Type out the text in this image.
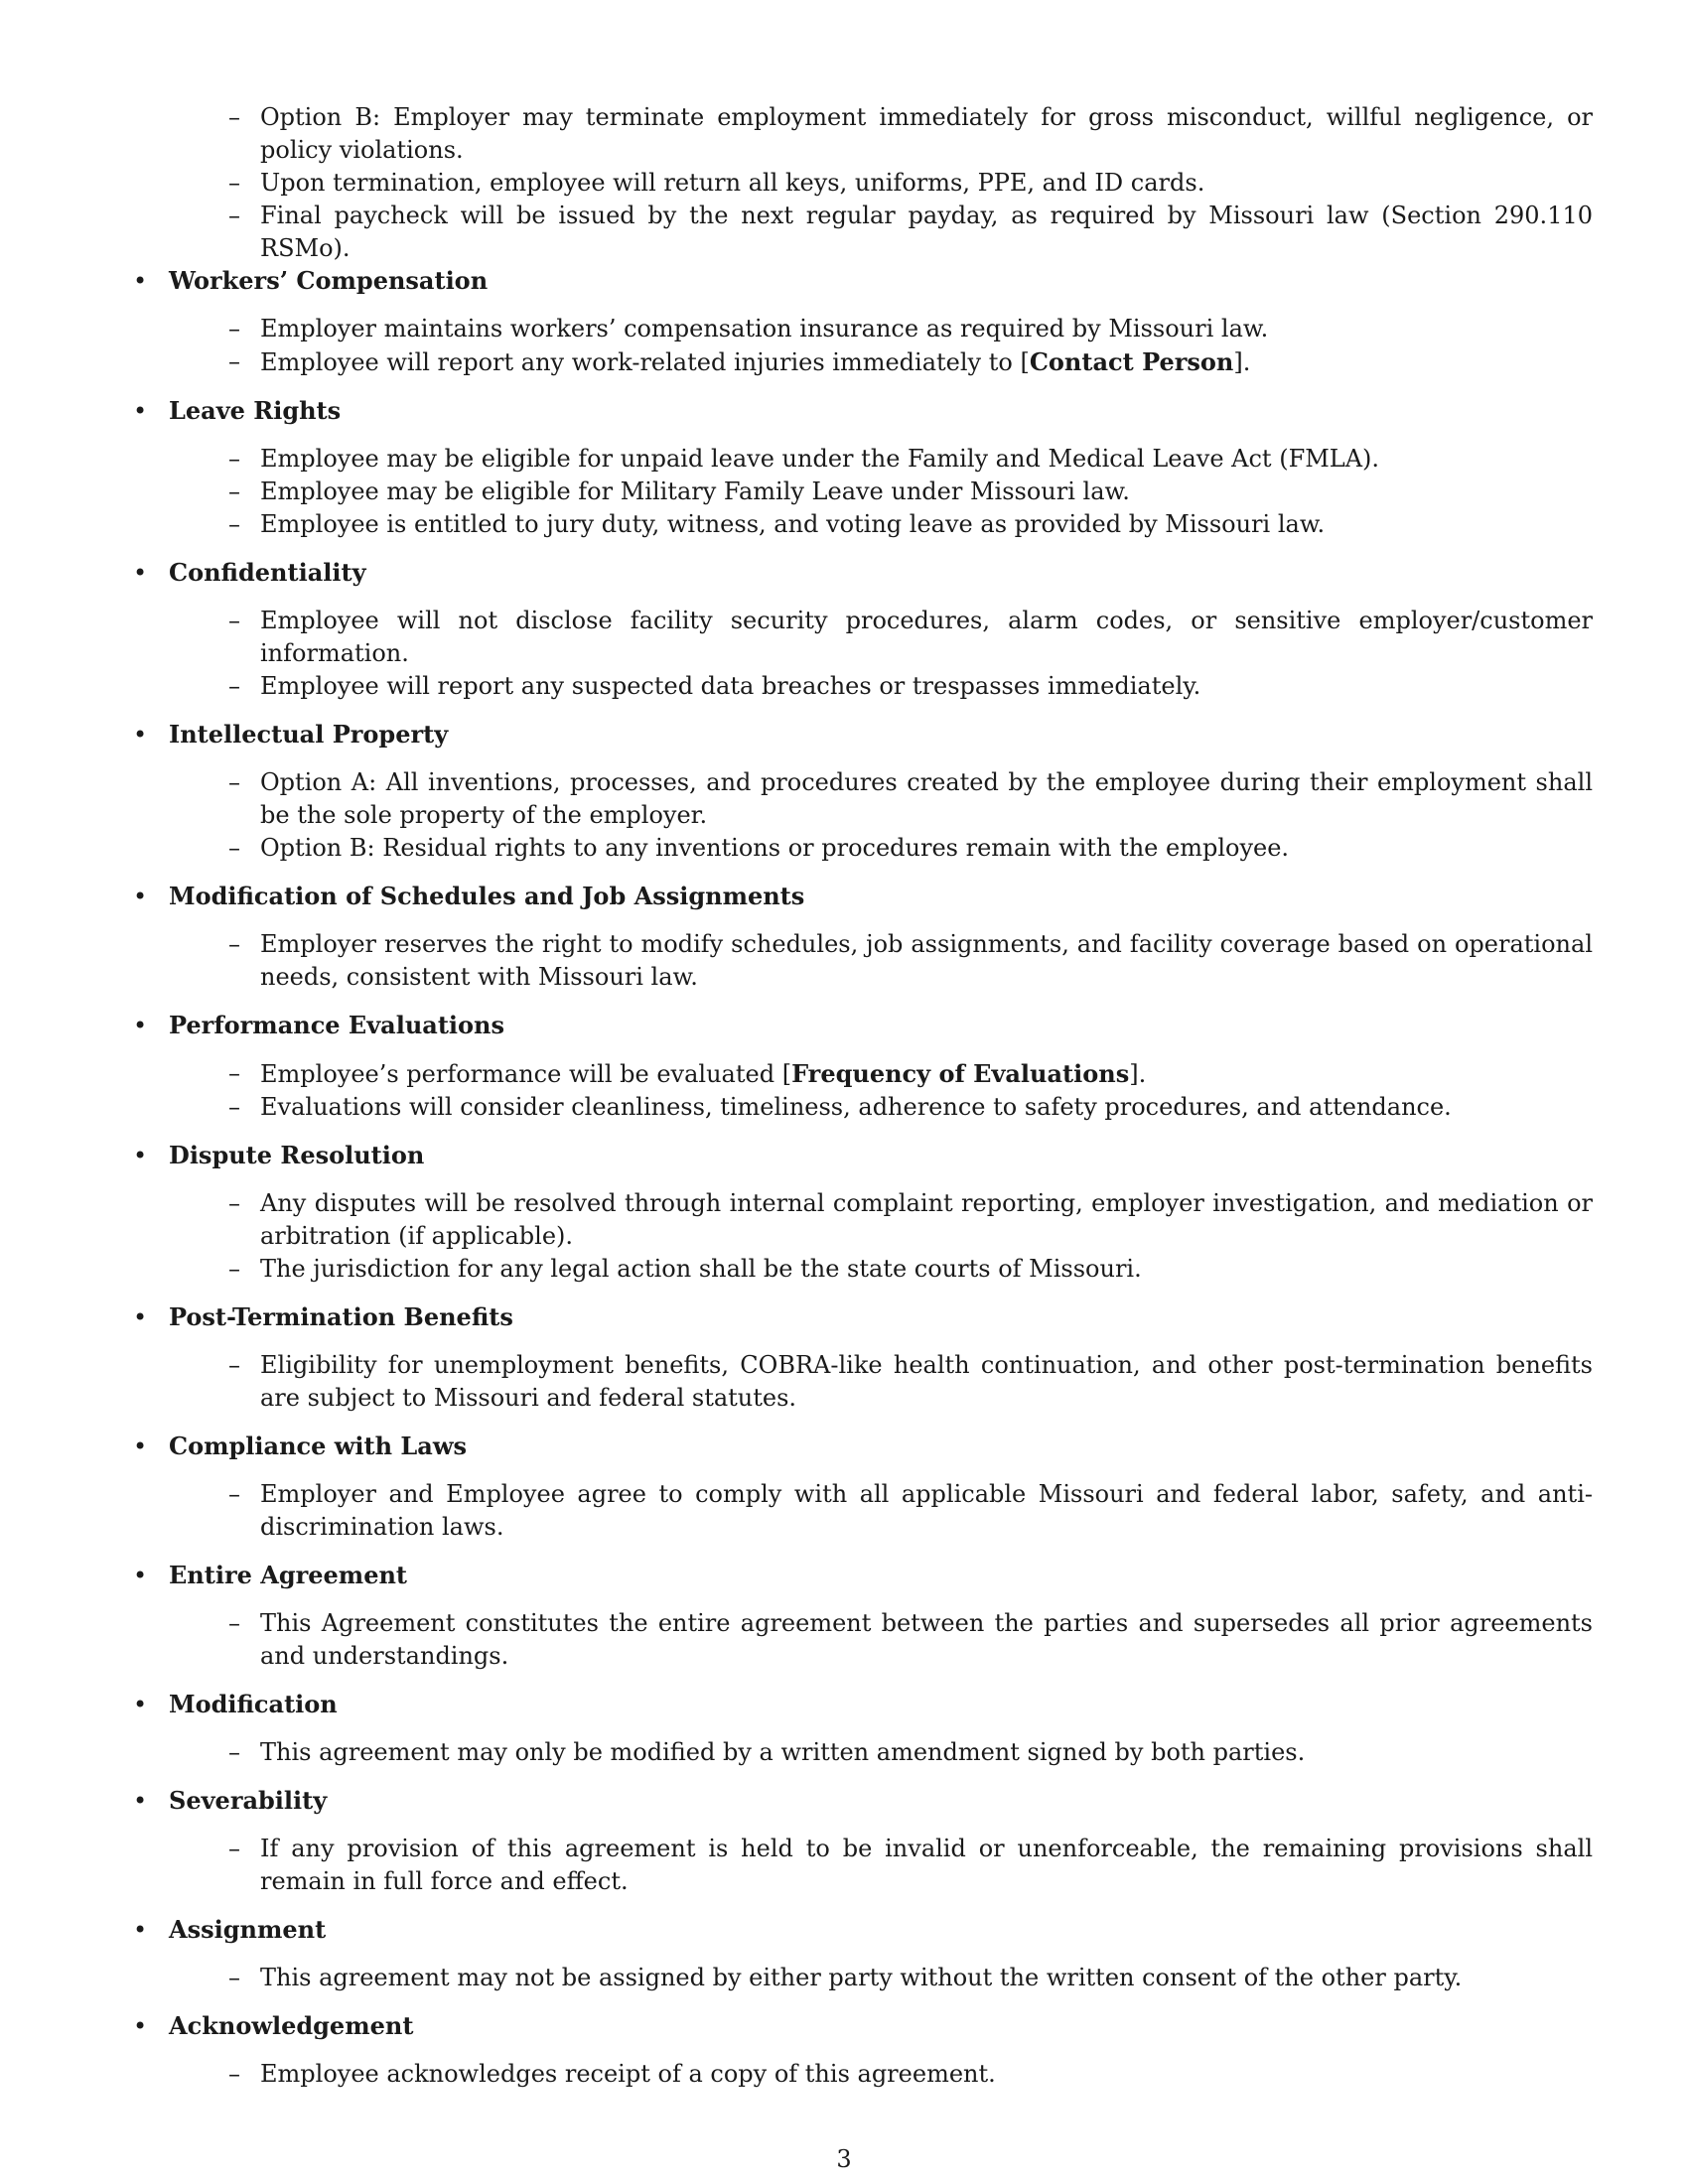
– Option B: Employer may terminate employment immediately for gross misconduct, willful negligence, or policy violations.
– Upon termination, employee will return all keys, uniforms, PPE, and ID cards.
– Final paycheck will be issued by the next regular payday, as required by Missouri law (Section 290.110 RSMo).
• Workers’ Compensation
– Employer maintains workers’ compensation insurance as required by Missouri law.
– Employee will report any work-related injuries immediately to [Contact Person].
• Leave Rights
– Employee may be eligible for unpaid leave under the Family and Medical Leave Act (FMLA).
– Employee may be eligible for Military Family Leave under Missouri law.
– Employee is entitled to jury duty, witness, and voting leave as provided by Missouri law.
• Confidentiality
– Employee will not disclose facility security procedures, alarm codes, or sensitive employer/customer information.
– Employee will report any suspected data breaches or trespasses immediately.
• Intellectual Property
– Option A: All inventions, processes, and procedures created by the employee during their employment shall be the sole property of the employer.
– Option B: Residual rights to any inventions or procedures remain with the employee.
• Modification of Schedules and Job Assignments
– Employer reserves the right to modify schedules, job assignments, and facility coverage based on operational needs, consistent with Missouri law.
• Performance Evaluations
– Employee’s performance will be evaluated [Frequency of Evaluations].
– Evaluations will consider cleanliness, timeliness, adherence to safety procedures, and attendance.
• Dispute Resolution
– Any disputes will be resolved through internal complaint reporting, employer investigation, and mediation or arbitration (if applicable).
– The jurisdiction for any legal action shall be the state courts of Missouri.
• Post-Termination Benefits
– Eligibility for unemployment benefits, COBRA-like health continuation, and other post-termination benefits are subject to Missouri and federal statutes.
• Compliance with Laws
– Employer and Employee agree to comply with all applicable Missouri and federal labor, safety, and anti-discrimination laws.
• Entire Agreement
– This Agreement constitutes the entire agreement between the parties and supersedes all prior agreements and understandings.
• Modification
– This agreement may only be modified by a written amendment signed by both parties.
• Severability
– If any provision of this agreement is held to be invalid or unenforceable, the remaining provisions shall remain in full force and effect.
• Assignment
– This agreement may not be assigned by either party without the written consent of the other party.
• Acknowledgement
– Employee acknowledges receipt of a copy of this agreement.
3
